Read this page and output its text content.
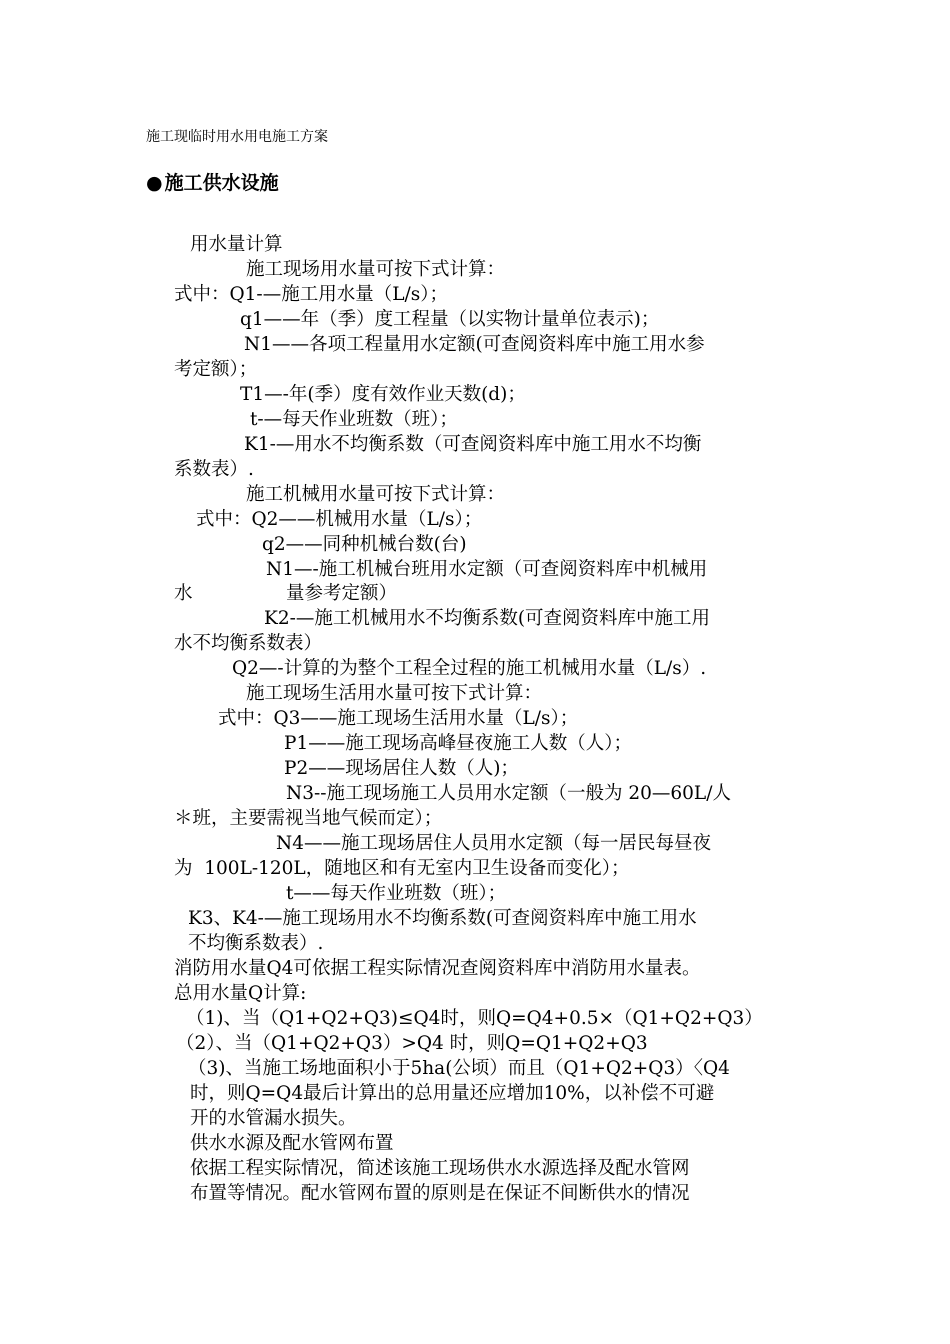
施工现临时用水用电施工方案
● 施工供水设施
用水量计算
施工现场用水量可按下式计算：
式中：Q1-—施工用水量（L/s）；
q1——年（季）度工程量（以实物计量单位表示)；
N1——各项工程量用水定额(可查阅资料库中施工用水参
考定额）；
T1—-年(季）度有效作业天数(d)；
t-—每天作业班数（班）；
K1-—用水不均衡系数（可查阅资料库中施工用水不均衡
系数表）.
施工机械用水量可按下式计算：
式中：Q2——机械用水量（L/s）；
q2——同种机械台数(台)
N1—-施工机械台班用水定额（可查阅资料库中机械用
水	量参考定额）
K2-—施工机械用水不均衡系数(可查阅资料库中施工用
水不均衡系数表）
Q2—-计算的为整个工程全过程的施工机械用水量（L/s）.
施工现场生活用水量可按下式计算：
式中：Q3——施工现场生活用水量（L/s）；
P1——施工现场高峰昼夜施工人数（人）；
P2——现场居住人数（人)；
N3--施工现场施工人员用水定额（一般为 20—60L/人
＊班，主要需视当地气候而定）；
N4——施工现场居住人员用水定额（每一居民每昼夜
为  100L-120L，随地区和有无室内卫生设备而变化）；
t——每天作业班数（班）；
K3、K4-—施工现场用水不均衡系数(可查阅资料库中施工用水
不均衡系数表）.
消防用水量Q4可依据工程实际情况查阅资料库中消防用水量表。
总用水量Q计算:
（1)、当（Q1+Q2+Q3)≤Q4时，则Q=Q4+0.5×（Q1+Q2+Q3）
（2）、当（Q1+Q2+Q3）>Q4 时，则Q=Q1+Q2+Q3
（3)、当施工场地面积小于5ha(公顷）而且（Q1+Q2+Q3）〈Q4
时，则Q=Q4最后计算出的总用量还应增加10%，以补偿不可避
开的水管漏水损失。
供水水源及配水管网布置
依据工程实际情况，简述该施工现场供水水源选择及配水管网
布置等情况。配水管网布置的原则是在保证不间断供水的情况
